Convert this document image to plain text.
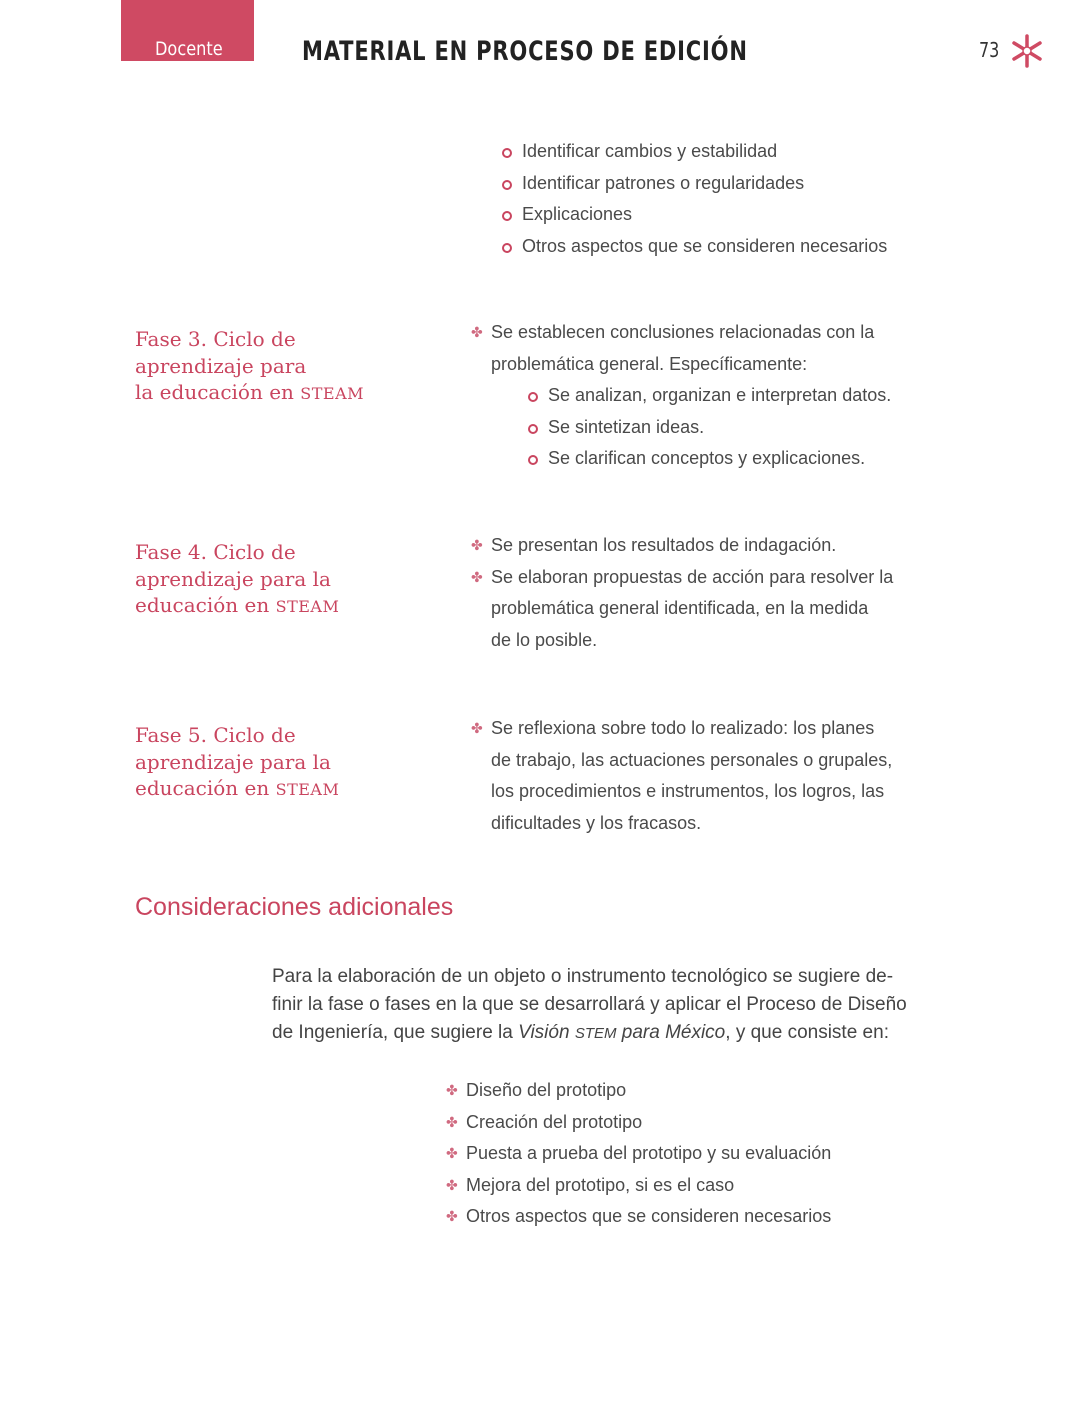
Docente	MATERIAL EN PROCESO DE EDICIÓN	73
Identificar cambios y estabilidad
Identificar patrones o regularidades
Explicaciones
Otros aspectos que se consideren necesarios
Fase 3. Ciclo de
aprendizaje para
la educación en STEAM
✤ Se establecen conclusiones relacionadas con la
problemática general. Específicamente:
Se analizan, organizan e interpretan datos.
Se sintetizan ideas.
Se clarifican conceptos y explicaciones.
Fase 4. Ciclo de
aprendizaje para la
educación en STEAM
✤ Se presentan los resultados de indagación.
✤ Se elaboran propuestas de acción para resolver la
problemática general identificada, en la medida
de lo posible.
Fase 5. Ciclo de
aprendizaje para la
educación en STEAM
✤ Se reflexiona sobre todo lo realizado: los planes
de trabajo, las actuaciones personales o grupales,
los procedimientos e instrumentos, los logros, las
dificultades y los fracasos.
Consideraciones adicionales
Para la elaboración de un objeto o instrumento tecnológico se sugiere de-
finir la fase o fases en la que se desarrollará y aplicar el Proceso de Diseño
de Ingeniería, que sugiere la Visión STEM para México, y que consiste en:
✤ Diseño del prototipo
✤ Creación del prototipo
✤ Puesta a prueba del prototipo y su evaluación
✤ Mejora del prototipo, si es el caso
✤ Otros aspectos que se consideren necesarios
